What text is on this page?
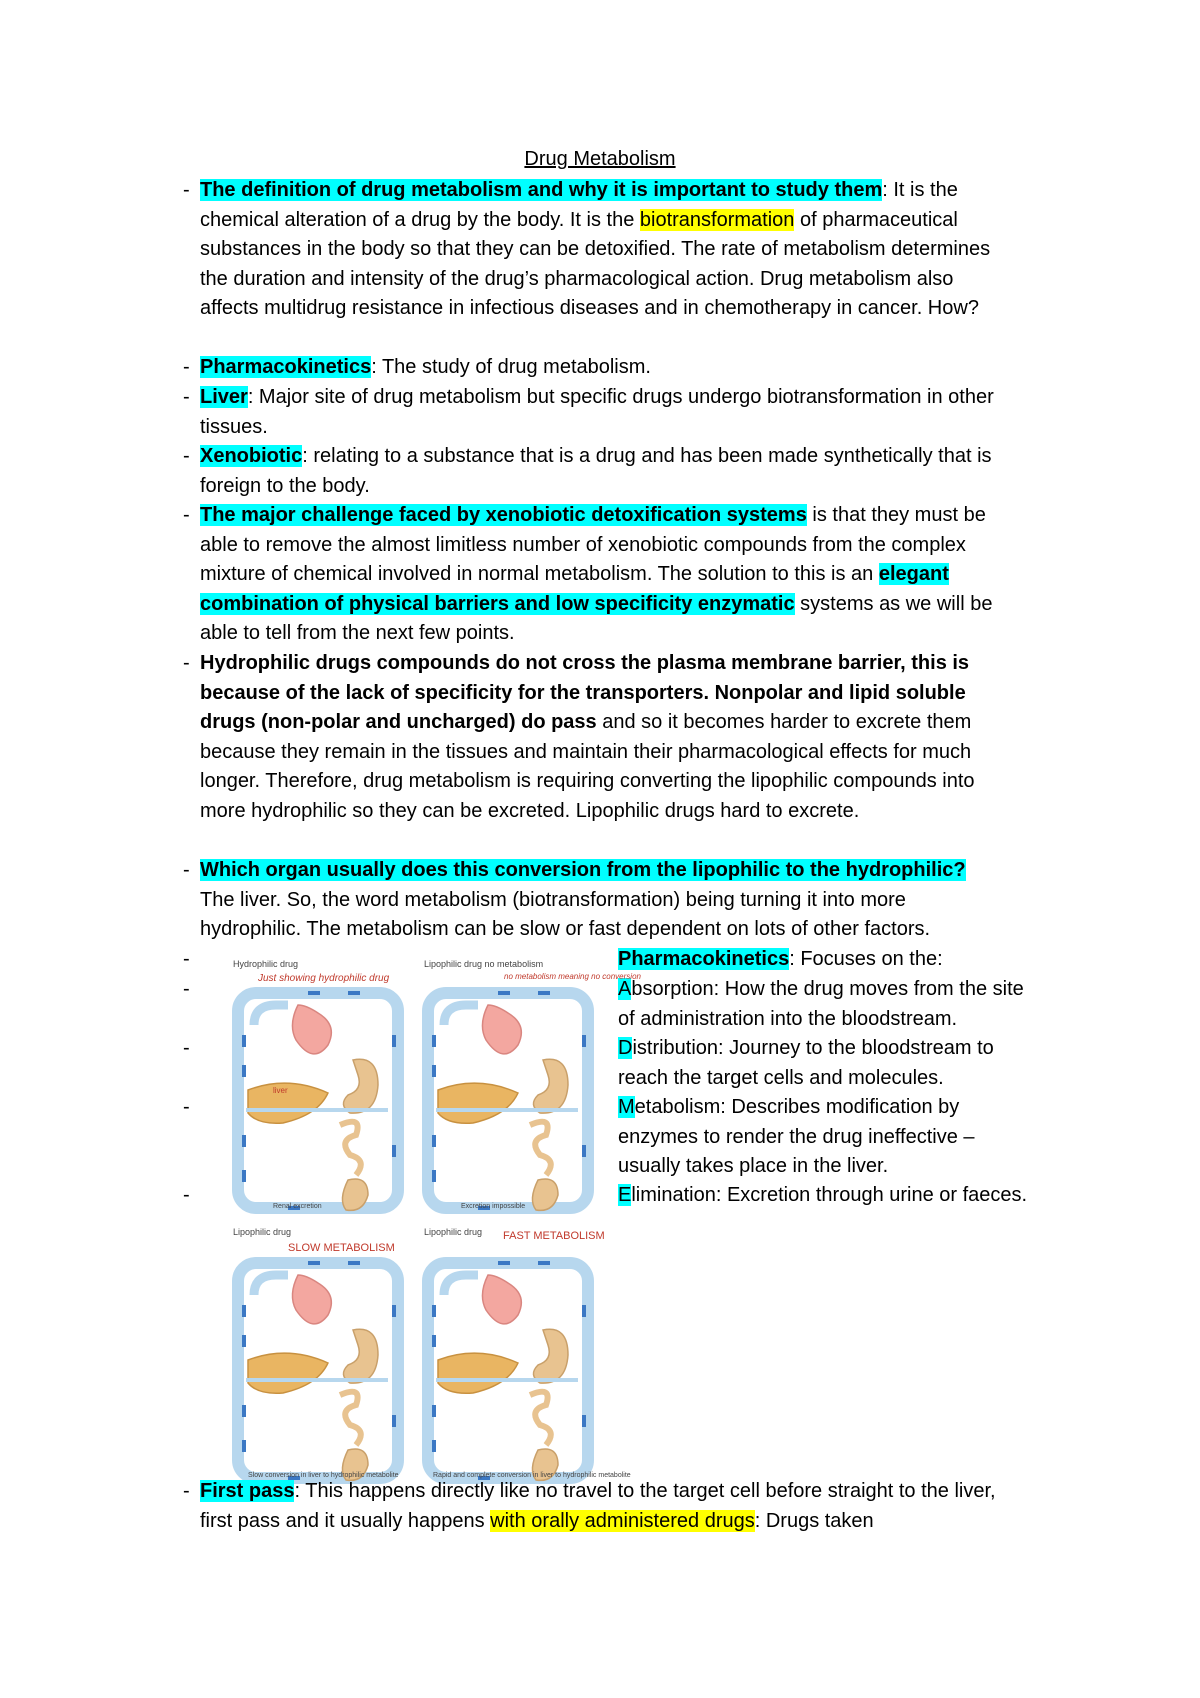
Drug Metabolism
-
-
-
-
-
-
-
-
-
-
-
-
-
The definition of drug metabolism and why it is important to study them: It is the chemical alteration of a drug by the body. It is the biotransformation of pharmaceutical substances in the body so that they can be detoxified. The rate of metabolism determines the duration and intensity of the drug’s pharmacological action. Drug metabolism also affects multidrug resistance in infectious diseases and in chemotherapy in cancer. How?
Pharmacokinetics: The study of drug metabolism.
Liver: Major site of drug metabolism but specific drugs undergo biotransformation in other tissues.
Xenobiotic: relating to a substance that is a drug and has been made synthetically that is foreign to the body.
The major challenge faced by xenobiotic detoxification systems is that they must be able to remove the almost limitless number of xenobiotic compounds from the complex mixture of chemical involved in normal metabolism. The solution to this is an elegant combination of physical barriers and low specificity enzymatic systems as we will be able to tell from the next few points.
Hydrophilic drugs compounds do not cross the plasma membrane barrier, this is because of the lack of specificity for the transporters. Nonpolar and lipid soluble drugs (non-polar and uncharged) do pass and so it becomes harder to excrete them because they remain in the tissues and maintain their pharmacological effects for much longer. Therefore, drug metabolism is requiring converting the lipophilic compounds into more hydrophilic so they can be excreted. Lipophilic drugs hard to excrete.
Which organ usually does this conversion from the lipophilic to the hydrophilic? The liver. So, the word metabolism (biotransformation) being turning it into more hydrophilic. The metabolism can be slow or fast dependent on lots of other factors.
Pharmacokinetics: Focuses on the:
Absorption: How the drug moves from the site of administration into the bloodstream.
Distribution: Journey to the bloodstream to reach the target cells and molecules.
Metabolism: Describes modification by enzymes to render the drug ineffective – usually takes place in the liver.
Elimination: Excretion through urine or faeces.
Hydrophilic drug
Just showing hydrophilic drug
liver
Renal excretion
Lipophilic drug no metabolism
no metabolism meaning no conversion
Excretion impossible
Lipophilic drug
SLOW METABOLISM
Slow conversion in liver to hydrophilic metabolite
Lipophilic drug FAST METABOLISM
Rapid and complete conversion in liver to hydrophilic metabolite
First pass: This happens directly like no travel to the target cell before straight to the liver, first pass and it usually happens with orally administered drugs: Drugs taken
